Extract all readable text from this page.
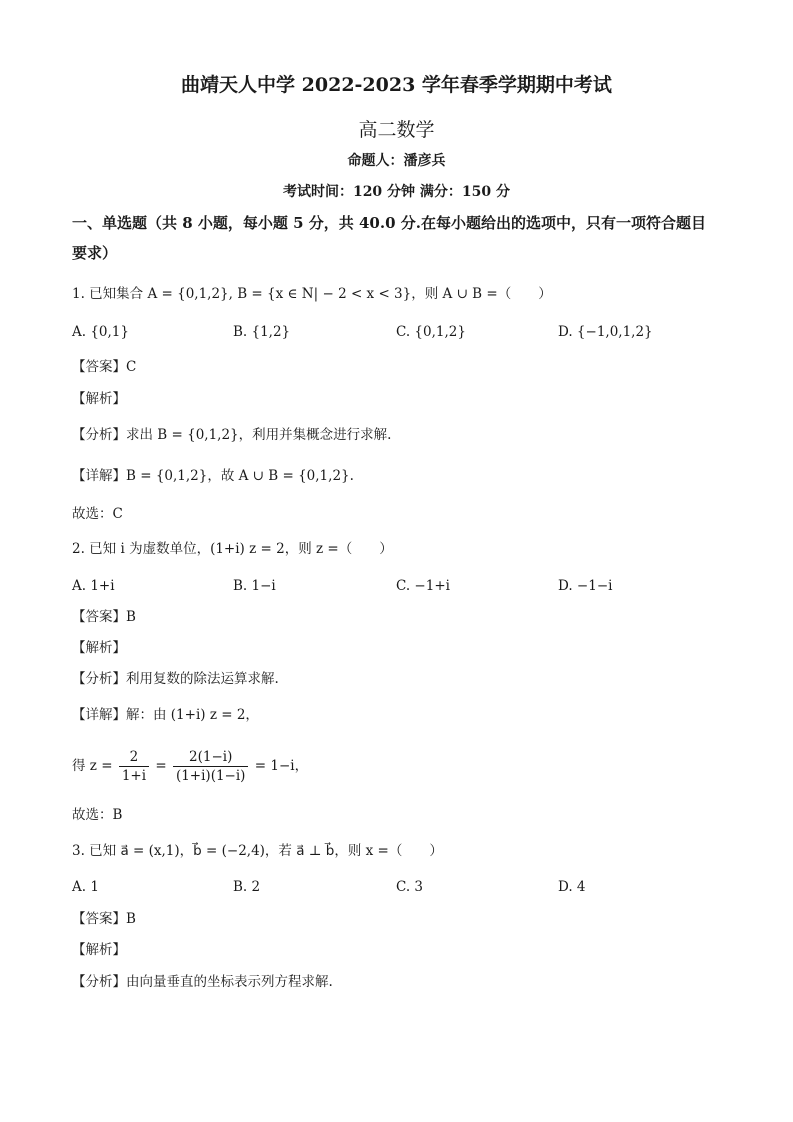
曲靖天人中学 2022-2023 学年春季学期期中考试
高二数学
命题人：潘彦兵
考试时间：120 分钟 满分：150 分
一、单选题（共 8 小题，每小题 5 分，共 40.0 分.在每小题给出的选项中，只有一项符合题目
要求）
1. 已知集合 A = {0,1,2}, B = {x ∈ N| − 2 < x < 3}，则 A ∪ B =（　　）
A. {0,1}	B. {1,2}	C. {0,1,2}	D. {−1,0,1,2}
【答案】C
【解析】
【分析】求出 B = {0,1,2}，利用并集概念进行求解.
【详解】B = {0,1,2}，故 A ∪ B = {0,1,2}.
故选：C
2. 已知 i 为虚数单位，(1+i) z = 2，则 z =（　　）
A. 1+i	B. 1−i	C. −1+i	D. −1−i
【答案】B
【解析】
【分析】利用复数的除法运算求解.
【详解】解：由 (1+i) z = 2，
得 $z = \frac{2}{1+i} = \frac{2(1-i)}{(1+i)(1-i)} = 1-i$，
故选：B
3. 已知 a⃗ = (x,1)，b⃗ = (−2,4)，若 a⃗ ⊥ b⃗，则 x =（　　）
A. 1	B. 2	C. 3	D. 4
【答案】B
【解析】
【分析】由向量垂直的坐标表示列方程求解.
